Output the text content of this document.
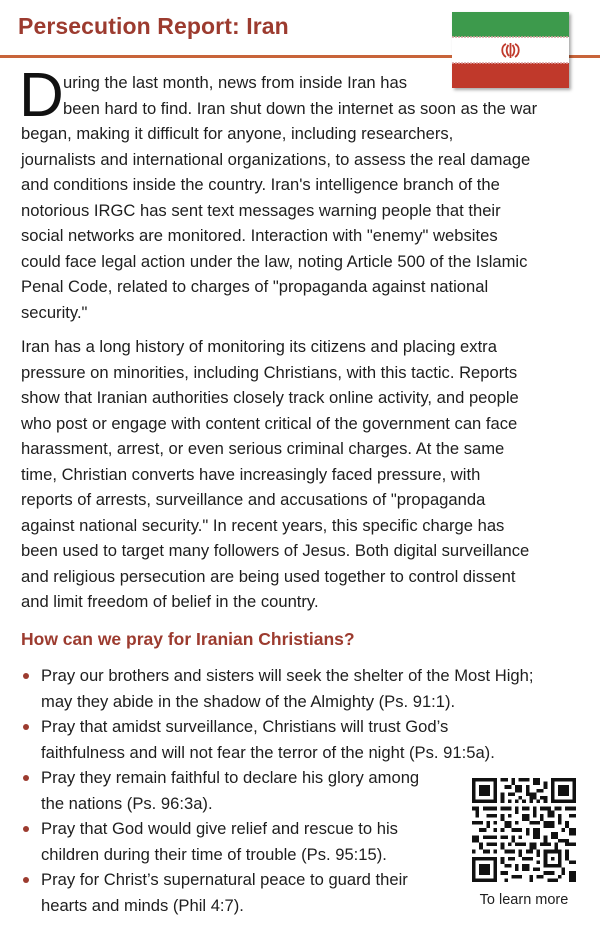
Persecution Report: Iran
D uring the last month, news from inside Iran has
been hard to find. Iran shut down the internet as soon as the war
began, making it difficult for anyone, including researchers,
journalists and international organizations, to assess the real damage
and conditions inside the country. Iran's intelligence branch of the
notorious IRGC has sent text messages warning people that their
social networks are monitored. Interaction with "enemy" websites
could face legal action under the law, noting Article 500 of the Islamic
Penal Code, related to charges of "propaganda against national
security."
Iran has a long history of monitoring its citizens and placing extra
pressure on minorities, including Christians, with this tactic. Reports
show that Iranian authorities closely track online activity, and people
who post or engage with content critical of the government can face
harassment, arrest, or even serious criminal charges. At the same
time, Christian converts have increasingly faced pressure, with
reports of arrests, surveillance and accusations of "propaganda
against national security." In recent years, this specific charge has
been used to target many followers of Jesus. Both digital surveillance
and religious persecution are being used together to control dissent
and limit freedom of belief in the country.
How can we pray for Iranian Christians?
Pray our brothers and sisters will seek the shelter of the Most High;
may they abide in the shadow of the Almighty (Ps. 91:1).
Pray that amidst surveillance, Christians will trust God’s
faithfulness and will not fear the terror of the night (Ps. 91:5a).
Pray they remain faithful to declare his glory among
the nations (Ps. 96:3a).
Pray that God would give relief and rescue to his
children during their time of trouble (Ps. 95:15).
Pray for Christ’s supernatural peace to guard their
hearts and minds (Phil 4:7).	To learn more
